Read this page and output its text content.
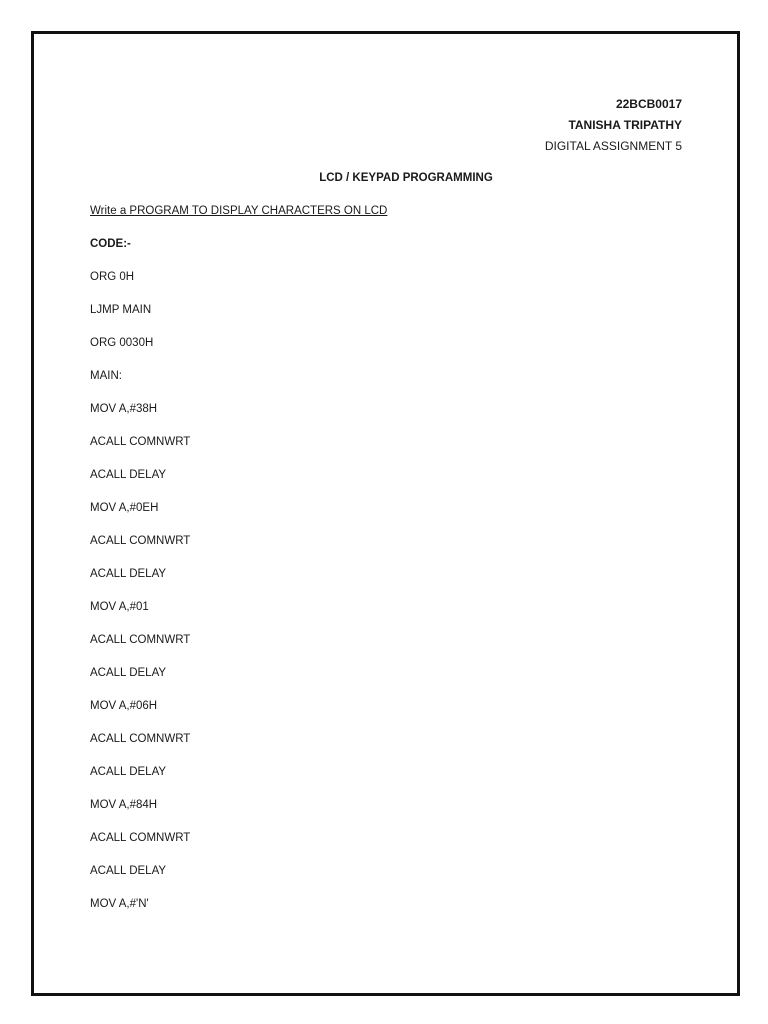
22BCB0017
TANISHA TRIPATHY
DIGITAL ASSIGNMENT 5
LCD / KEYPAD PROGRAMMING
Write a PROGRAM TO DISPLAY CHARACTERS ON LCD
CODE:-
ORG 0H
LJMP MAIN
ORG 0030H
MAIN:
MOV A,#38H
ACALL COMNWRT
ACALL DELAY
MOV A,#0EH
ACALL COMNWRT
ACALL DELAY
MOV A,#01
ACALL COMNWRT
ACALL DELAY
MOV A,#06H
ACALL COMNWRT
ACALL DELAY
MOV A,#84H
ACALL COMNWRT
ACALL DELAY
MOV A,#'N'
